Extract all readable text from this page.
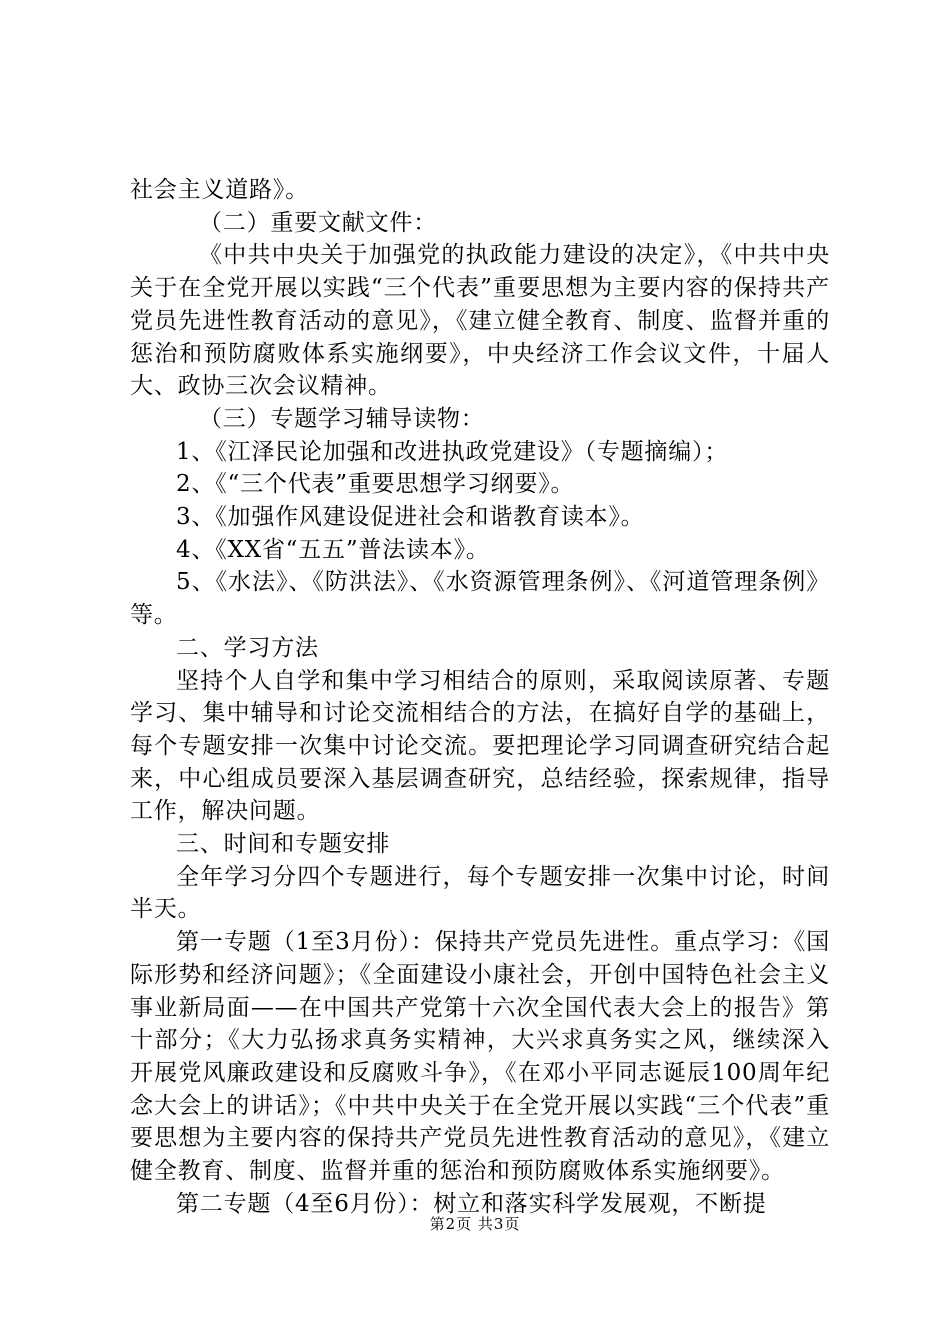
社会主义道路》。

（二）重要文献文件：

《中共中央关于加强党的执政能力建设的决定》，《中共中央关于在全党开展以实践“三个代表”重要思想为主要内容的保持共产党员先进性教育活动的意见》，《建立健全教育、制度、监督并重的惩治和预防腐败体系实施纲要》，中央经济工作会议文件，十届人大、政协三次会议精神。

（三）专题学习辅导读物：

1、《江泽民论加强和改进执政党建设》（专题摘编）；

2、《“三个代表”重要思想学习纲要》。

3、《加强作风建设促进社会和谐教育读本》。

4、《XX省“五五”普法读本》。

5、《水法》、《防洪法》、《水资源管理条例》、《河道管理条例》等。

二、学习方法

坚持个人自学和集中学习相结合的原则，采取阅读原著、专题学习、集中辅导和讨论交流相结合的方法，在搞好自学的基础上，每个专题安排一次集中讨论交流。要把理论学习同调查研究结合起来，中心组成员要深入基层调查研究，总结经验，探索规律，指导工作，解决问题。

三、时间和专题安排

全年学习分四个专题进行，每个专题安排一次集中讨论，时间半天。

第一专题（1至3月份）：保持共产党员先进性。重点学习：《国际形势和经济问题》；《全面建设小康社会，开创中国特色社会主义事业新局面——在中国共产党第十六次全国代表大会上的报告》第十部分；《大力弘扬求真务实精神，大兴求真务实之风，继续深入开展党风廉政建设和反腐败斗争》，《在邓小平同志诞辰100周年纪念大会上的讲话》；《中共中央关于在全党开展以实践“三个代表”重要思想为主要内容的保持共产党员先进性教育活动的意见》，《建立健全教育、制度、监督并重的惩治和预防腐败体系实施纲要》。

第二专题（4至6月份）：树立和落实科学发展观，不断提

第2页 共3页
